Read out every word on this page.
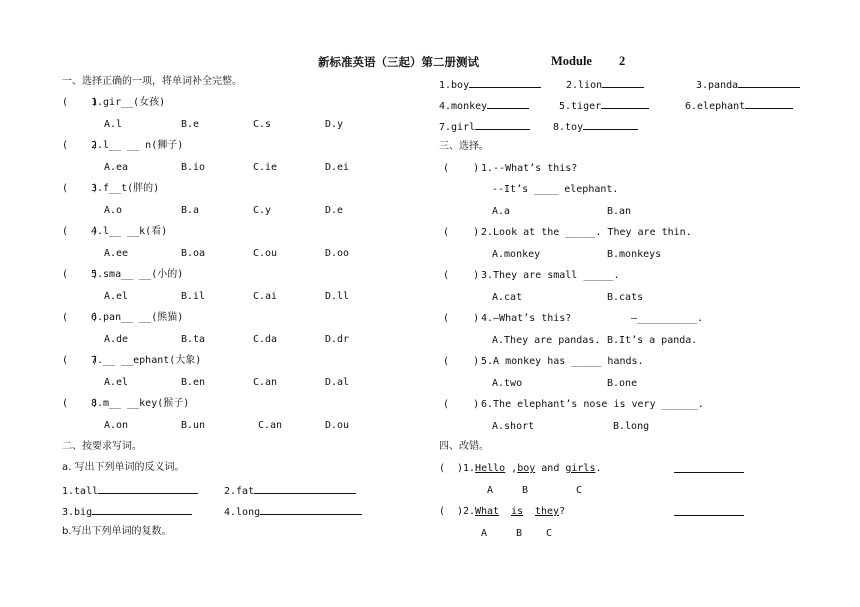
新标准英语（三起）第二册测试	Module 2
一、选择正确的一项，将单词补全完整。
(    )
1.gir__(女孩)
A.l	B.e	C.s	D.y
(    )
2.l__ __ n(狮子)
A.ea	B.io	C.ie	D.ei
(    )
3.f__t(胖的)
A.o	B.a	C.y	D.e
(    )
4.l__ __k(看)
A.ee	B.oa	C.ou	D.oo
(    )
5.sma__ __(小的)
A.el	B.il	C.ai	D.ll
(    )
6.pan__ __(熊猫)
A.de	B.ta	C.da	D.dr
(    )
7.__ __ephant(大象)
A.el	B.en	C.an	D.al
(    )
8.m__ __key(猴子)
A.on	B.un	C.an	D.ou
二、按要求写词。
a. 写出下列单词的反义词。
1.tall	2.fat
3.big	4.long
b.写出下列单词的复数。
1.boy	2.lion	3.panda
4.monkey	5.tiger	6.elephant
7.girl	8.toy
三、选择。
(    ) 1.--What’s this?
--It’s ____ elephant.
A.a	B.an
(    ) 2.Look at the _____. They are thin.
A.monkey	B.monkeys
(    ) 3.They are small _____.
A.cat	B.cats
(    ) 4.—What’s this?	—__________.
A.They are pandas. B.It’s a panda.
(    ) 5.A monkey has _____ hands.
A.two	B.one
(    ) 6.The elephant’s nose is very ______.
A.short	B.long
四、改错。
(  ) 1.Hello ,boy and girls.
A	B	C
(  ) 2. What is they?
A	B C
